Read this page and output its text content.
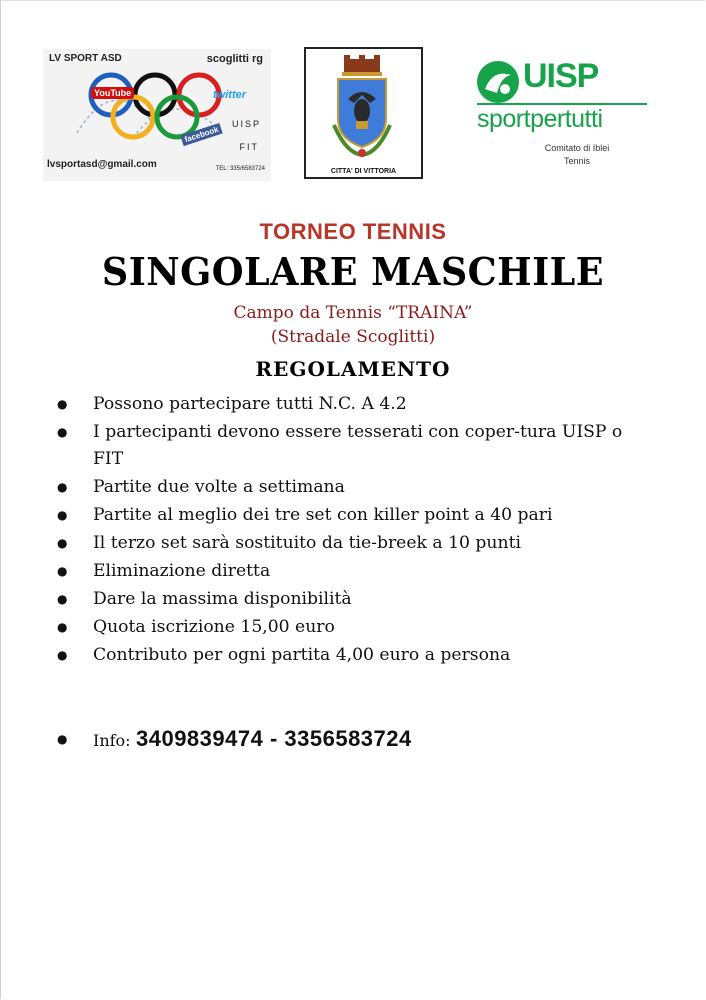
LV SPORT ASD	scoglitti rg
YouTube	twitter
facebook
UISP
FIT
lvsportasd@gmail.com	TEL: 335/6583724	CITTA' DI VITTORIA
UISP
sportpertutti
Comitato di Iblei
Tennis
TORNEO TENNIS
SINGOLARE MASCHILE
Campo da Tennis “TRAINA”
(Stradale Scoglitti)
REGOLAMENTO
● Possono partecipare tutti N.C. A 4.2
● I partecipanti devono essere tesserati con coper-tura UISP o FIT
● Partite due volte a settimana
● Partite al meglio dei tre set con killer point a 40 pari
● Il terzo set sarà sostituito da tie-breek a 10 punti
● Eliminazione diretta
● Dare la massima disponibilità
● Quota iscrizione 15,00 euro
● Contributo per ogni partita 4,00 euro a persona
● Info: 3409839474 - 3356583724
